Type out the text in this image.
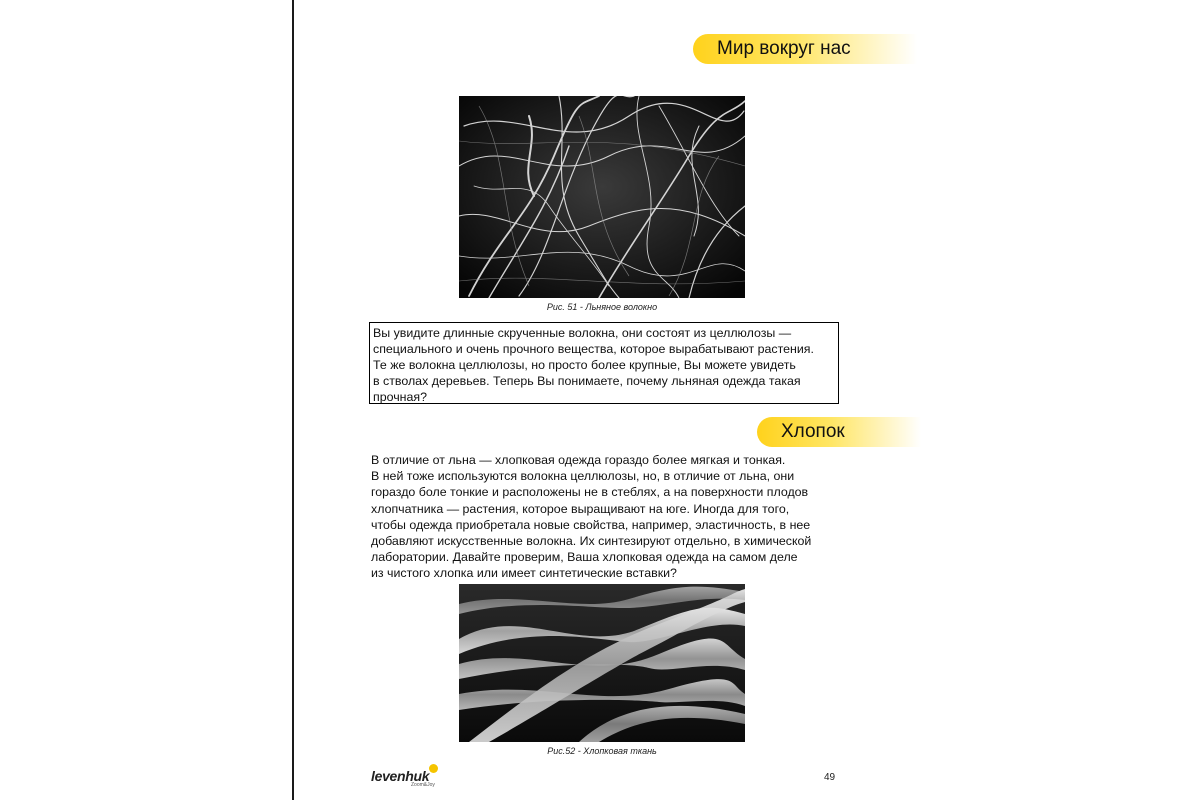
Мир вокруг нас
Рис. 51 - Льняное волокно

Вы увидите длинные скрученные волокна, они состоят из целлюлозы —

специального и очень прочного вещества, которое вырабатывают растения.

Те же волокна целлюлозы, но просто более крупные, Вы можете увидеть

в стволах деревьев. Теперь Вы понимаете, почему льняная одежда такая

прочная?

Хлопок

В отличие от льна — хлопковая одежда гораздо более мягкая и тонкая.

В ней тоже используются волокна целлюлозы, но, в отличие от льна, они

гораздо боле тонкие и расположены не в стеблях, а на поверхности плодов

хлопчатника — растения, которое выращивают на юге. Иногда для того,

чтобы одежда приобретала новые свойства, например, эластичность, в нее

добавляют искусственные волокна. Их синтезируют отдельно, в химической

лаборатории. Давайте проверим, Ваша хлопковая одежда на самом деле

из чистого хлопка или имеет синтетические вставки?

Рис.52 - Хлопковая ткань
levenhuk
Zoom&Joy
49
